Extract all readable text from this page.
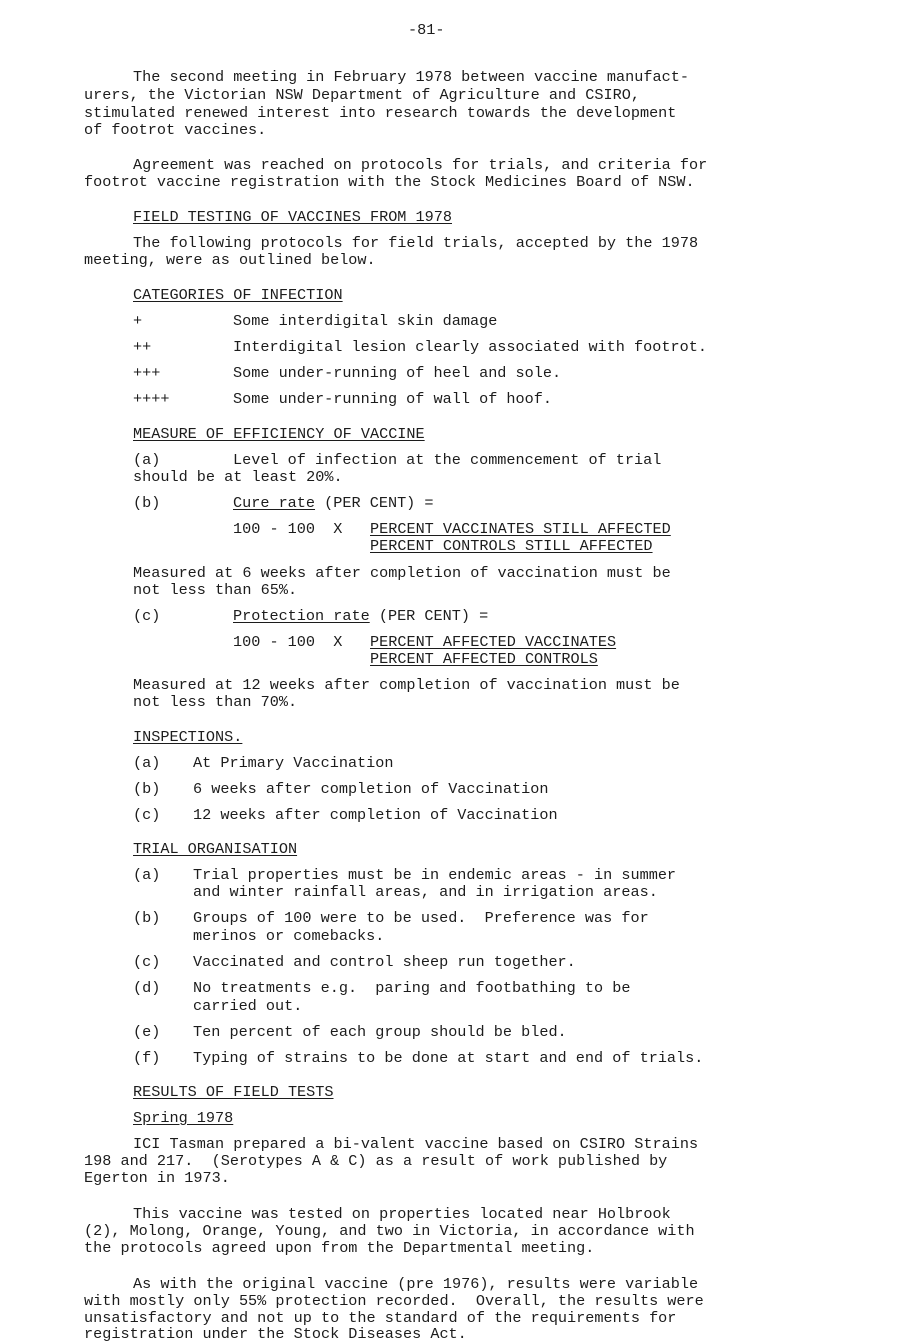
-81-
The second meeting in February 1978 between vaccine manufact-
urers, the Victorian NSW Department of Agriculture and CSIRO,
stimulated renewed interest into research towards the development
of footrot vaccines.
Agreement was reached on protocols for trials, and criteria for
footrot vaccine registration with the Stock Medicines Board of NSW.
FIELD TESTING OF VACCINES FROM 1978
The following protocols for field trials, accepted by the 1978
meeting, were as outlined below.
CATEGORIES OF INFECTION
+	Some interdigital skin damage
++	Interdigital lesion clearly associated with footrot.
+++	Some under-running of heel and sole.
++++	Some under-running of wall of hoof.
MEASURE OF EFFICIENCY OF VACCINE
(a)	Level of infection at the commencement of trial
should be at least 20%.
(b)	Cure rate (PER CENT) =
100 - 100  X PERCENT VACCINATES STILL AFFECTED
PERCENT CONTROLS STILL AFFECTED
Measured at 6 weeks after completion of vaccination must be
not less than 65%.
(c)	Protection rate (PER CENT) =
100 - 100  X PERCENT AFFECTED VACCINATES
PERCENT AFFECTED CONTROLS
Measured at 12 weeks after completion of vaccination must be
not less than 70%.
INSPECTIONS.
(a) At Primary Vaccination
(b) 6 weeks after completion of Vaccination
(c) 12 weeks after completion of Vaccination
TRIAL ORGANISATION
(a) Trial properties must be in endemic areas - in summer
and winter rainfall areas, and in irrigation areas.
(b) Groups of 100 were to be used.  Preference was for
merinos or comebacks.
(c) Vaccinated and control sheep run together.
(d) No treatments e.g.  paring and footbathing to be
carried out.
(e) Ten percent of each group should be bled.
(f) Typing of strains to be done at start and end of trials.
RESULTS OF FIELD TESTS
Spring 1978
ICI Tasman prepared a bi-valent vaccine based on CSIRO Strains
198 and 217.  (Serotypes A & C) as a result of work published by
Egerton in 1973.
This vaccine was tested on properties located near Holbrook
(2), Molong, Orange, Young, and two in Victoria, in accordance with
the protocols agreed upon from the Departmental meeting.
As with the original vaccine (pre 1976), results were variable
with mostly only 55% protection recorded.  Overall, the results were
unsatisfactory and not up to the standard of the requirements for
registration under the Stock Diseases Act.
